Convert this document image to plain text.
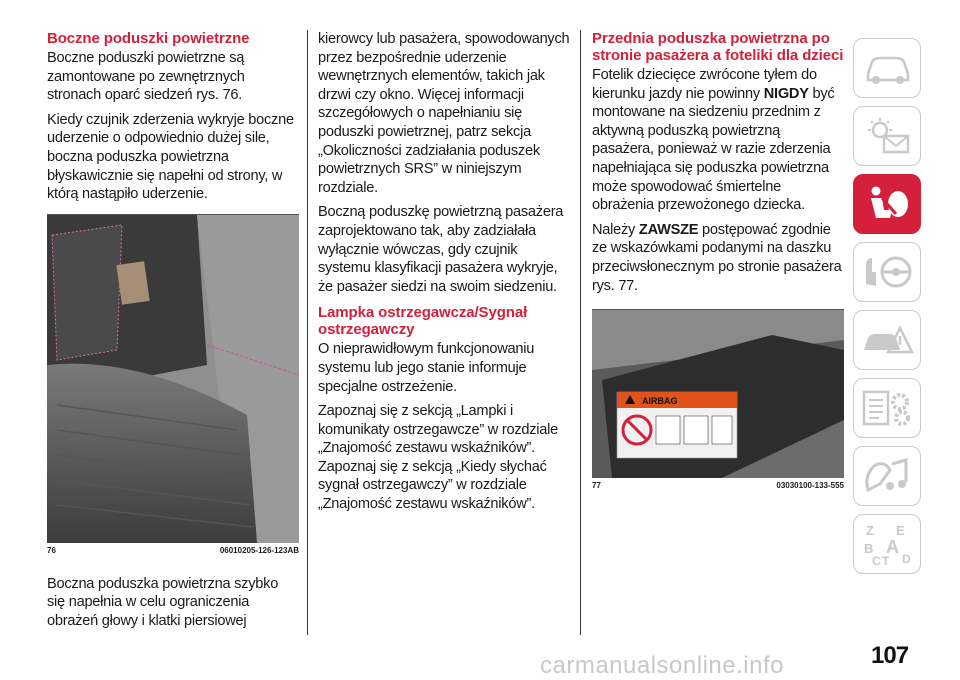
Boczne poduszki powietrzne

Boczne poduszki powietrzne są zamontowane po zewnętrznych stronach oparć siedzeń rys. 76.

Kiedy czujnik zderzenia wykryje boczne uderzenie o odpowiednio dużej sile, boczna poduszka powietrzna błyskawicznie się napełni od strony, w którą nastąpiło uderzenie.

76	06010205-126-123AB

Boczna poduszka powietrzna szybko się napełnia w celu ograniczenia obrażeń głowy i klatki piersiowej

kierowcy lub pasażera, spowodowanych przez bezpośrednie uderzenie wewnętrznych elementów, takich jak drzwi czy okno. Więcej informacji szczegółowych o napełnianiu się poduszki powietrznej, patrz sekcja „Okoliczności zadziałania poduszek powietrznych SRS” w niniejszym rozdziale.

Boczną poduszkę powietrzną pasażera zaprojektowano tak, aby zadziałała wyłącznie wówczas, gdy czujnik systemu klasyfikacji pasażera wykryje, że pasażer siedzi na swoim siedzeniu.

Lampka ostrzegawcza/Sygnał ostrzegawczy

O nieprawidłowym funkcjonowaniu systemu lub jego stanie informuje specjalne ostrzeżenie.

Zapoznaj się z sekcją „Lampki i komunikaty ostrzegawcze” w rozdziale „Znajomość zestawu wskaźników”. Zapoznaj się z sekcją „Kiedy słychać sygnał ostrzegawczy” w rozdziale „Znajomość zestawu wskaźników”.

Przednia poduszka powietrzna po stronie pasażera a foteliki dla dzieci

Fotelik dziecięce zwrócone tyłem do kierunku jazdy nie powinny NIGDY być montowane na siedzeniu przednim z aktywną poduszką powietrzną pasażera, ponieważ w razie zderzenia napełniająca się poduszka powietrzna może spowodować śmiertelne obrażenia przewożonego dziecka.

Należy ZAWSZE postępować zgodnie ze wskazówkami podanymi na daszku przeciwsłonecznym po stronie pasażera rys. 77.

AIRBAG
77	03030100-133-555
Z E
B A
C T D
carmanualsonline.info	107
